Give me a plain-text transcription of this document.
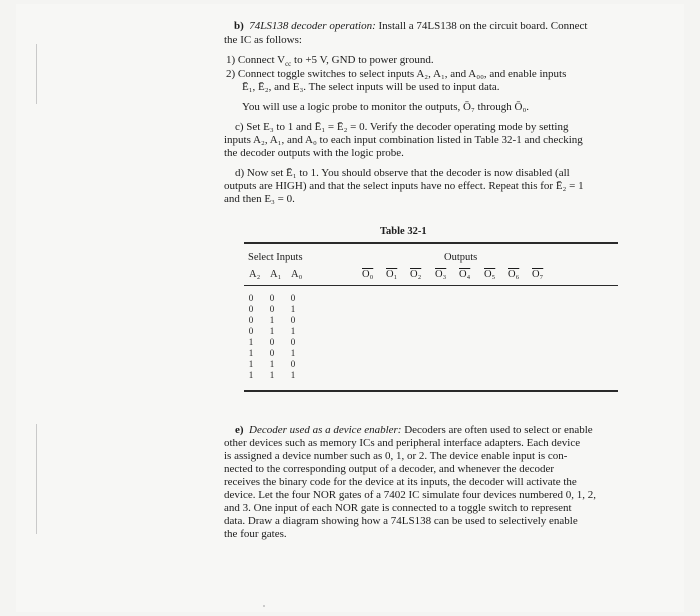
b) 74LS138 decoder operation: Install a 74LS138 on the circuit board. Connect
the IC as follows:
1) Connect $V_{cc}$ to +5 V, GND to power ground.
2) Connect toggle switches to select inputs A₂, A₁, and A₀₀, and enable inputs
Ē₁, Ē₂, and E₃. The select inputs will be used to input data.
You will use a logic probe to monitor the outputs, Ō₇ through Ō₀.
c) Set E₃ to 1 and Ē₁ = Ē₂ = 0. Verify the decoder operating mode by setting
inputs A₂, A₁, and A₀ to each input combination listed in Table 32-1 and checking
the decoder outputs with the logic probe.
d) Now set Ē₁ to 1. You should observe that the decoder is now disabled (all
outputs are HIGH) and that the select inputs have no effect. Repeat this for Ē₂ = 1
and then E₃ = 0.
Table 32-1
Select Inputs	Outputs
A₂ A₁ A₀	O₀ O₁ O₂ O₃ O₄ O₅ O₆ O₇
0	0	0
0	0	1
0	1	0
0	1	1
1	0	0
1	0	1
1	1	0
1	1	1
e) Decoder used as a device enabler: Decoders are often used to select or enable
other devices such as memory ICs and peripheral interface adapters. Each device
is assigned a device number such as 0, 1, or 2. The device enable input is con-
nected to the corresponding output of a decoder, and whenever the decoder
receives the binary code for the device at its inputs, the decoder will activate the
device. Let the four NOR gates of a 7402 IC simulate four devices numbered 0, 1, 2,
and 3. One input of each NOR gate is connected to a toggle switch to represent
data. Draw a diagram showing how a 74LS138 can be used to selectively enable
the four gates.
